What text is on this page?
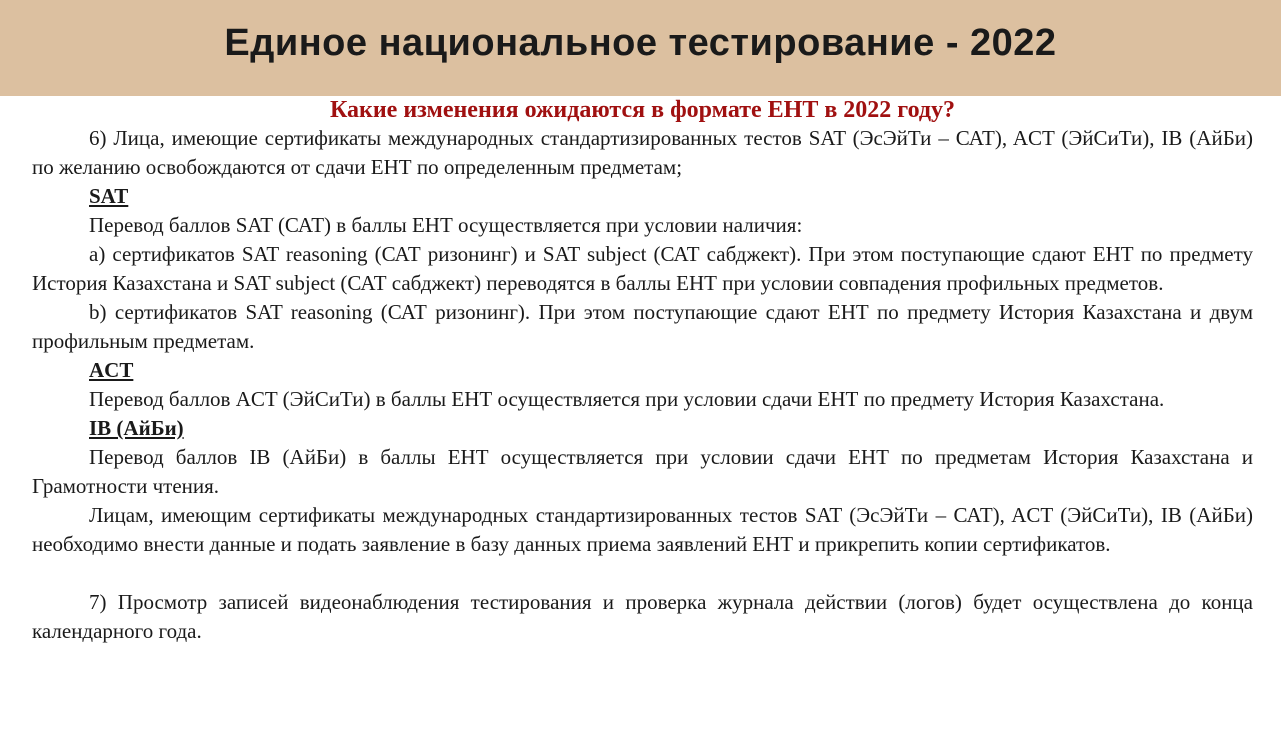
Единое национальное тестирование - 2022

Какие изменения ожидаются в формате ЕНТ в 2022 году?

6) Лица, имеющие сертификаты международных стандартизированных тестов SAT (ЭсЭйТи – САТ), ACT (ЭйСиТи), IB (АйБи) по желанию освобождаются от сдачи ЕНТ по определенным предметам;

SAT

Перевод баллов SAT (САТ) в баллы ЕНТ осуществляется при условии наличия:

а) сертификатов SAT reasoning (САТ ризонинг) и SAT subject (САТ сабджект). При этом поступающие сдают ЕНТ по предмету История Казахстана и SAT subject (САТ сабджект) переводятся в баллы ЕНТ при условии совпадения профильных предметов.

b) сертификатов SAT reasoning (САТ ризонинг). При этом поступающие сдают ЕНТ по предмету История Казахстана и двум профильным предметам.

ACT

Перевод баллов ACT (ЭйСиТи) в баллы ЕНТ осуществляется при условии сдачи ЕНТ по предмету История Казахстана.

IB (АйБи)

Перевод баллов IB (АйБи) в баллы ЕНТ осуществляется при условии сдачи ЕНТ по предметам История Казахстана и Грамотности чтения.

Лицам, имеющим сертификаты международных стандартизированных тестов SAT (ЭсЭйТи – САТ), ACT (ЭйСиТи), IB (АйБи) необходимо внести данные и подать заявление в базу данных приема заявлений ЕНТ и прикрепить копии сертификатов.

7) Просмотр записей видеонаблюдения тестирования и проверка журнала действии (логов) будет осуществлена до конца календарного года.
